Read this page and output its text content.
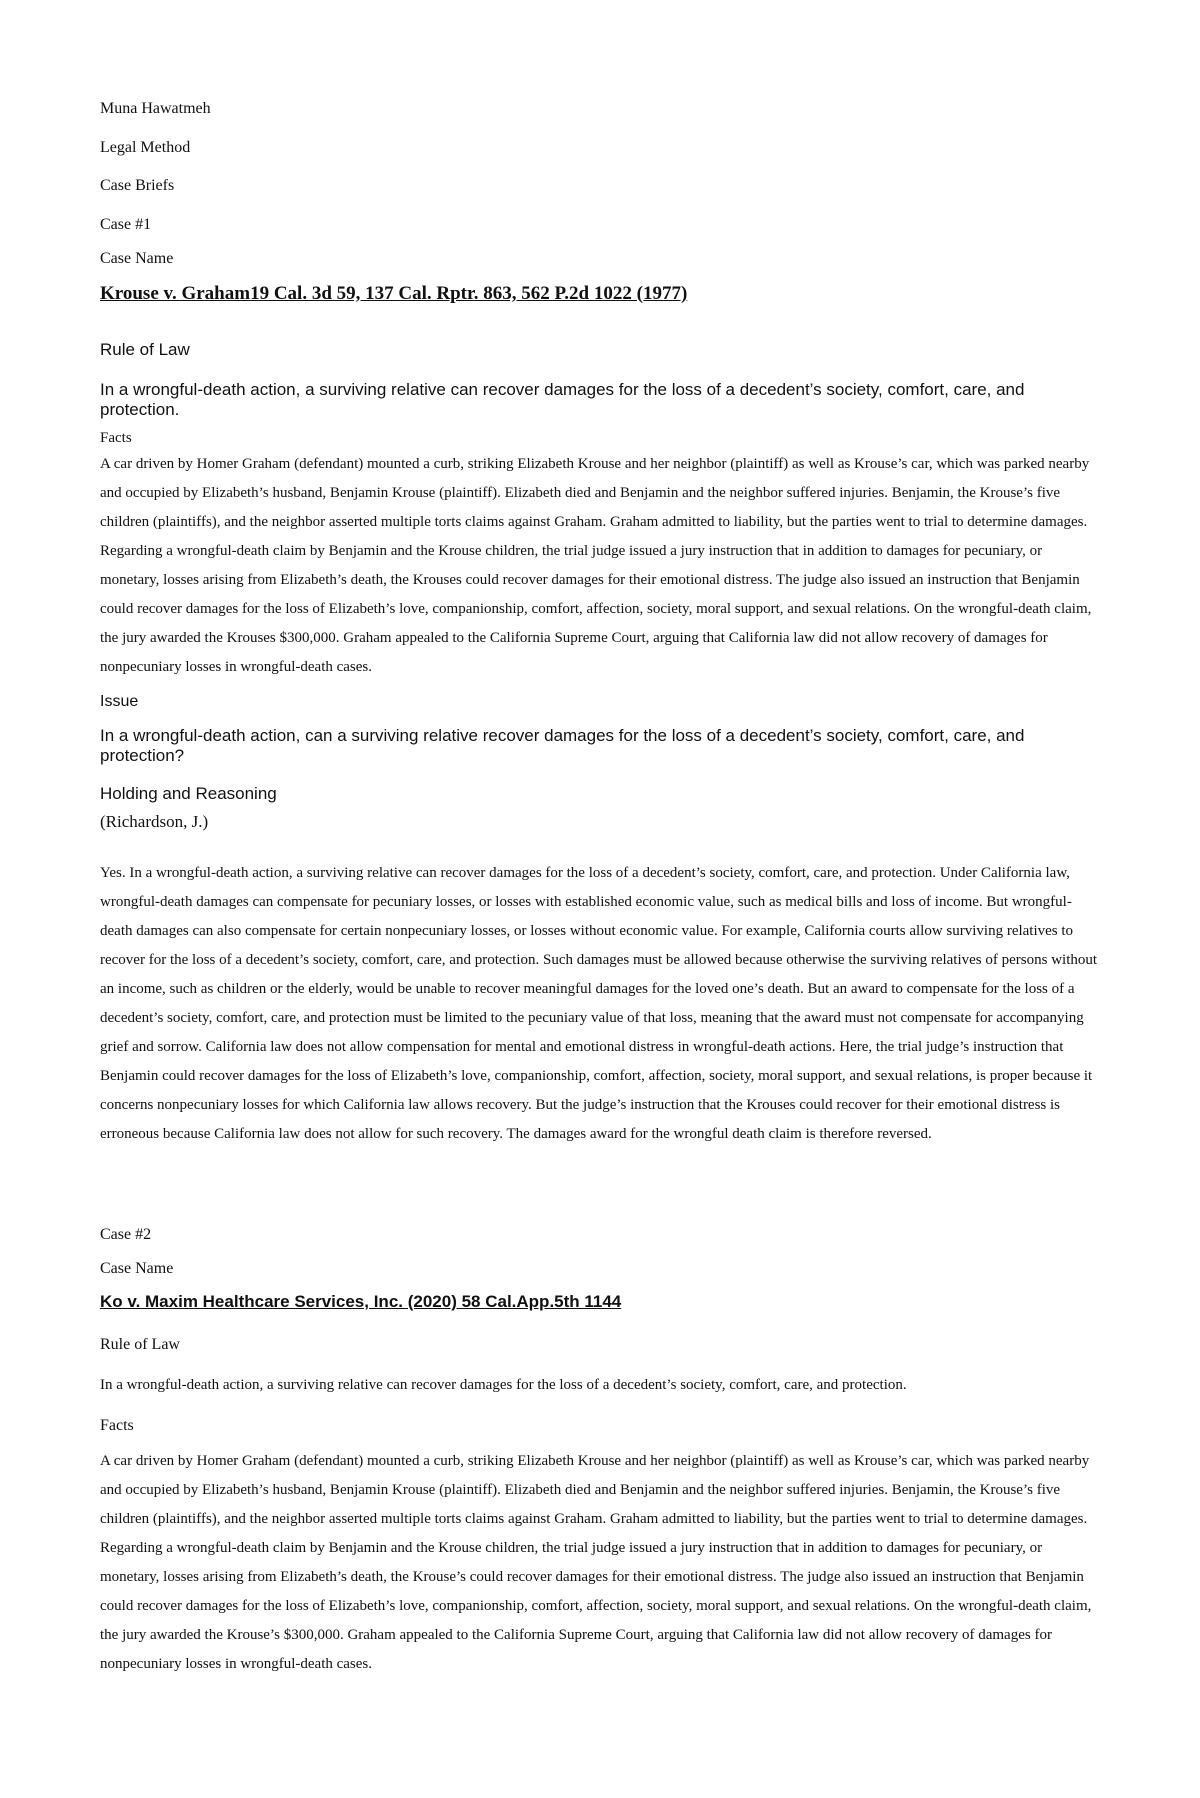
Muna Hawatmeh
Legal Method
Case Briefs
Case #1
Case Name
Krouse v. Graham19 Cal. 3d 59, 137 Cal. Rptr. 863, 562 P.2d 1022 (1977)
Rule of Law
In a wrongful-death action, a surviving relative can recover damages for the loss of a decedent’s society, comfort, care, and protection.
Facts
A car driven by Homer Graham (defendant) mounted a curb, striking Elizabeth Krouse and her neighbor (plaintiff) as well as Krouse’s car, which was parked nearby and occupied by Elizabeth’s husband, Benjamin Krouse (plaintiff). Elizabeth died and Benjamin and the neighbor suffered injuries. Benjamin, the Krouse’s five children (plaintiffs), and the neighbor asserted multiple torts claims against Graham. Graham admitted to liability, but the parties went to trial to determine damages. Regarding a wrongful-death claim by Benjamin and the Krouse children, the trial judge issued a jury instruction that in addition to damages for pecuniary, or monetary, losses arising from Elizabeth’s death, the Krouses could recover damages for their emotional distress. The judge also issued an instruction that Benjamin could recover damages for the loss of Elizabeth’s love, companionship, comfort, affection, society, moral support, and sexual relations. On the wrongful-death claim, the jury awarded the Krouses $300,000. Graham appealed to the California Supreme Court, arguing that California law did not allow recovery of damages for nonpecuniary losses in wrongful-death cases.
Issue
In a wrongful-death action, can a surviving relative recover damages for the loss of a decedent’s society, comfort, care, and protection?
Holding and Reasoning
(Richardson, J.)
Yes. In a wrongful-death action, a surviving relative can recover damages for the loss of a decedent’s society, comfort, care, and protection. Under California law, wrongful-death damages can compensate for pecuniary losses, or losses with established economic value, such as medical bills and loss of income. But wrongful-death damages can also compensate for certain nonpecuniary losses, or losses without economic value. For example, California courts allow surviving relatives to recover for the loss of a decedent’s society, comfort, care, and protection. Such damages must be allowed because otherwise the surviving relatives of persons without an income, such as children or the elderly, would be unable to recover meaningful damages for the loved one’s death. But an award to compensate for the loss of a decedent’s society, comfort, care, and protection must be limited to the pecuniary value of that loss, meaning that the award must not compensate for accompanying grief and sorrow. California law does not allow compensation for mental and emotional distress in wrongful-death actions. Here, the trial judge’s instruction that Benjamin could recover damages for the loss of Elizabeth’s love, companionship, comfort, affection, society, moral support, and sexual relations, is proper because it concerns nonpecuniary losses for which California law allows recovery. But the judge’s instruction that the Krouses could recover for their emotional distress is erroneous because California law does not allow for such recovery. The damages award for the wrongful death claim is therefore reversed.
Case #2
Case Name
Ko v. Maxim Healthcare Services, Inc. (2020) 58 Cal.App.5th 1144
Rule of Law
In a wrongful-death action, a surviving relative can recover damages for the loss of a decedent’s society, comfort, care, and protection.
Facts
A car driven by Homer Graham (defendant) mounted a curb, striking Elizabeth Krouse and her neighbor (plaintiff) as well as Krouse’s car, which was parked nearby and occupied by Elizabeth’s husband, Benjamin Krouse (plaintiff). Elizabeth died and Benjamin and the neighbor suffered injuries. Benjamin, the Krouse’s five children (plaintiffs), and the neighbor asserted multiple torts claims against Graham. Graham admitted to liability, but the parties went to trial to determine damages. Regarding a wrongful-death claim by Benjamin and the Krouse children, the trial judge issued a jury instruction that in addition to damages for pecuniary, or monetary, losses arising from Elizabeth’s death, the Krouse’s could recover damages for their emotional distress. The judge also issued an instruction that Benjamin could recover damages for the loss of Elizabeth’s love, companionship, comfort, affection, society, moral support, and sexual relations. On the wrongful-death claim, the jury awarded the Krouse’s $300,000. Graham appealed to the California Supreme Court, arguing that California law did not allow recovery of damages for nonpecuniary losses in wrongful-death cases.
